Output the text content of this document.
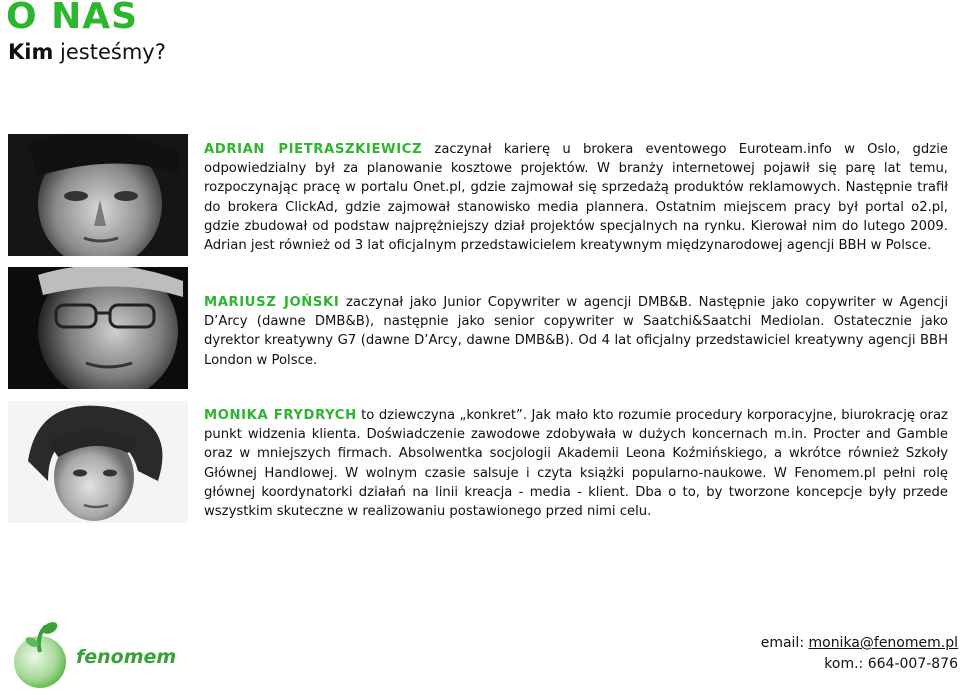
O NAS
Kim jesteśmy?
ADRIAN PIETRASZKIEWICZ zaczynał karierę u brokera eventowego Euroteam.info w Oslo, gdzie odpowiedzialny był za planowanie kosztowe projektów. W branży internetowej pojawił się parę lat temu, rozpoczynając pracę w portalu Onet.pl, gdzie zajmował się sprzedażą produktów reklamowych. Następnie trafił do brokera ClickAd, gdzie zajmował stanowisko media plannera. Ostatnim miejscem pracy był portal o2.pl, gdzie zbudował od podstaw najprężniejszy dział projektów specjalnych na rynku. Kierował nim do lutego 2009. Adrian jest również od 3 lat oficjalnym przedstawicielem kreatywnym międzynarodowej agencji BBH w Polsce.
MARIUSZ JOŃSKI zaczynał jako Junior Copywriter w agencji DMB&B. Następnie jako copywriter w Agencji D’Arcy (dawne DMB&B), następnie jako senior copywriter w Saatchi&Saatchi Mediolan. Ostatecznie jako dyrektor kreatywny G7 (dawne D’Arcy, dawne DMB&B). Od 4 lat oficjalny przedstawiciel kreatywny agencji BBH London w Polsce.
MONIKA FRYDRYCH to dziewczyna „konkret”. Jak mało kto rozumie procedury korporacyjne, biurokrację oraz punkt widzenia klienta. Doświadczenie zawodowe zdobywała w dużych koncernach m.in. Procter and Gamble oraz w mniejszych firmach. Absolwentka socjologii Akademii Leona Koźmińskiego, a wkrótce również Szkoły Głównej Handlowej. W wolnym czasie salsuje i czyta książki popularno-naukowe. W Fenomem.pl pełni rolę głównej koordynatorki działań na linii kreacja - media - klient. Dba o to, by tworzone koncepcje były przede wszystkim skuteczne w realizowaniu postawionego przed nimi celu.
fenomem
email: monika@fenomem.pl
kom.: 664-007-876
